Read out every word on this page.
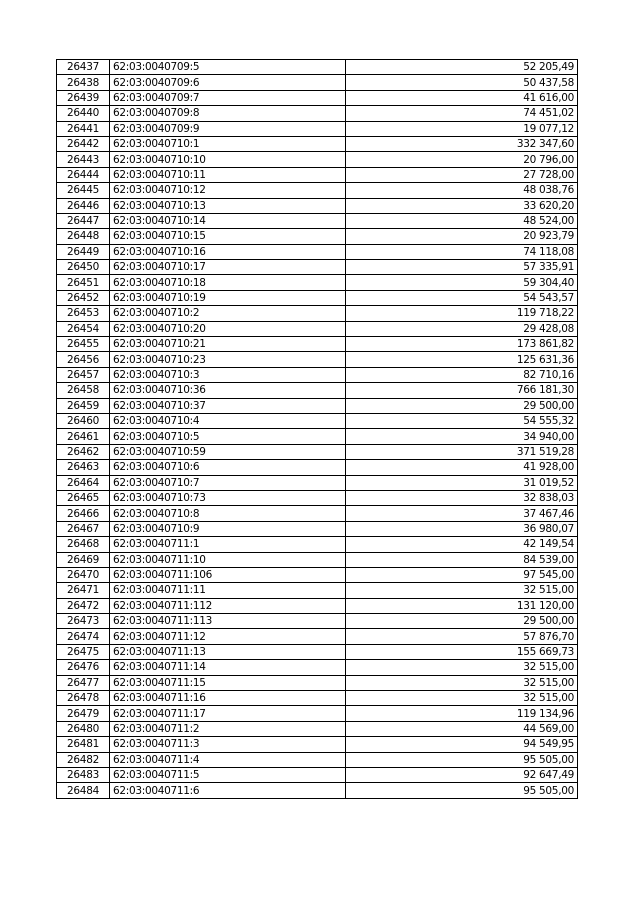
26437	62:03:0040709:5	52 205,49
26438	62:03:0040709:6	50 437,58
26439	62:03:0040709:7	41 616,00
26440	62:03:0040709:8	74 451,02
26441	62:03:0040709:9	19 077,12
26442	62:03:0040710:1	332 347,60
26443	62:03:0040710:10	20 796,00
26444	62:03:0040710:11	27 728,00
26445	62:03:0040710:12	48 038,76
26446	62:03:0040710:13	33 620,20
26447	62:03:0040710:14	48 524,00
26448	62:03:0040710:15	20 923,79
26449	62:03:0040710:16	74 118,08
26450	62:03:0040710:17	57 335,91
26451	62:03:0040710:18	59 304,40
26452	62:03:0040710:19	54 543,57
26453	62:03:0040710:2	119 718,22
26454	62:03:0040710:20	29 428,08
26455	62:03:0040710:21	173 861,82
26456	62:03:0040710:23	125 631,36
26457	62:03:0040710:3	82 710,16
26458	62:03:0040710:36	766 181,30
26459	62:03:0040710:37	29 500,00
26460	62:03:0040710:4	54 555,32
26461	62:03:0040710:5	34 940,00
26462	62:03:0040710:59	371 519,28
26463	62:03:0040710:6	41 928,00
26464	62:03:0040710:7	31 019,52
26465	62:03:0040710:73	32 838,03
26466	62:03:0040710:8	37 467,46
26467	62:03:0040710:9	36 980,07
26468	62:03:0040711:1	42 149,54
26469	62:03:0040711:10	84 539,00
26470	62:03:0040711:106	97 545,00
26471	62:03:0040711:11	32 515,00
26472	62:03:0040711:112	131 120,00
26473	62:03:0040711:113	29 500,00
26474	62:03:0040711:12	57 876,70
26475	62:03:0040711:13	155 669,73
26476	62:03:0040711:14	32 515,00
26477	62:03:0040711:15	32 515,00
26478	62:03:0040711:16	32 515,00
26479	62:03:0040711:17	119 134,96
26480	62:03:0040711:2	44 569,00
26481	62:03:0040711:3	94 549,95
26482	62:03:0040711:4	95 505,00
26483	62:03:0040711:5	92 647,49
26484	62:03:0040711:6	95 505,00
